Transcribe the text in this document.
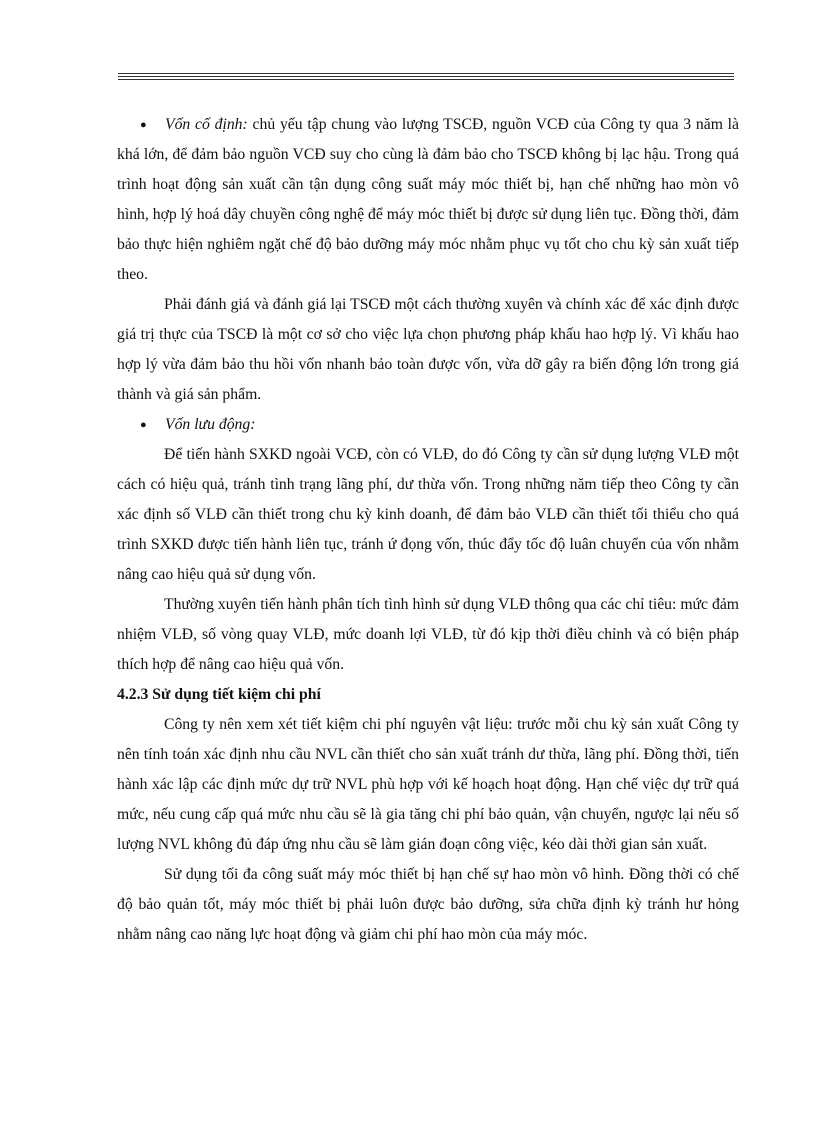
● Vốn cố định: chủ yếu tập chung vào lượng TSCĐ, nguồn VCĐ của Công ty qua 3 năm là khá lớn, để đảm bảo nguồn VCĐ suy cho cùng là đảm bảo cho TSCĐ không bị lạc hậu. Trong quá trình hoạt động sản xuất cần tận dụng công suất máy móc thiết bị, hạn chế những hao mòn vô hình, hợp lý hoá dây chuyền công nghệ để máy móc thiết bị được sử dụng liên tục. Đồng thời, đảm bảo thực hiện nghiêm ngặt chế độ bảo dưỡng máy móc nhằm phục vụ tốt cho chu kỳ sản xuất tiếp theo.

Phải đánh giá và đánh giá lại TSCĐ một cách thường xuyên và chính xác để xác định được giá trị thực của TSCĐ là một cơ sở cho việc lựa chọn phương pháp khấu hao hợp lý. Vì khấu hao hợp lý vừa đảm bảo thu hồi vốn nhanh bảo toàn được vốn, vừa dỡ gây ra biến động lớn trong giá thành và giá sản phẩm.

● Vốn lưu động:

Để tiến hành SXKD ngoài VCĐ, còn có VLĐ, do đó Công ty cần sử dụng lượng VLĐ một cách có hiệu quả, tránh tình trạng lãng phí, dư thừa vốn. Trong những năm tiếp theo Công ty cần xác định số VLĐ cần thiết trong chu kỳ kinh doanh, để đảm bảo VLĐ cần thiết tối thiểu cho quá trình SXKD được tiến hành liên tục, tránh ứ đọng vốn, thúc đẩy tốc độ luân chuyển của vốn nhằm nâng cao hiệu quả sử dụng vốn.

Thường xuyên tiến hành phân tích tình hình sử dụng VLĐ thông qua các chỉ tiêu: mức đảm nhiệm VLĐ, số vòng quay VLĐ, mức doanh lợi VLĐ, từ đó kịp thời điều chỉnh và có biện pháp thích hợp để nâng cao hiệu quả vốn.

4.2.3 Sử dụng tiết kiệm chi phí

Công ty nên xem xét tiết kiệm chi phí nguyên vật liệu: trước mỗi chu kỳ sản xuất Công ty nên tính toán xác định nhu cầu NVL cần thiết cho sản xuất tránh dư thừa, lãng phí. Đồng thời, tiến hành xác lập các định mức dự trữ NVL phù hợp với kế hoạch hoạt động. Hạn chế việc dự trữ quá mức, nếu cung cấp quá mức nhu cầu sẽ là gia tăng chi phí bảo quản, vận chuyển, ngược lại nếu số lượng NVL không đủ đáp ứng nhu cầu sẽ làm gián đoạn công việc, kéo dài thời gian sản xuất.

Sử dụng tối đa công suất máy móc thiết bị hạn chế sự hao mòn vô hình. Đồng thời có chế độ bảo quản tốt, máy móc thiết bị phải luôn được bảo dưỡng, sửa chữa định kỳ tránh hư hỏng nhằm nâng cao năng lực hoạt động và giảm chi phí hao mòn của máy móc.
